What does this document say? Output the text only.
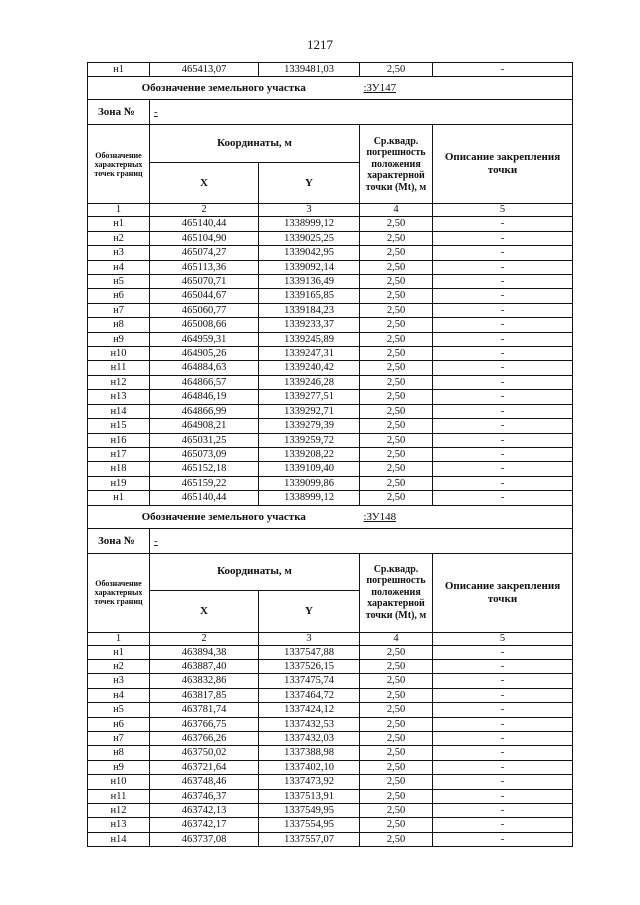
1217
н1	465413,07	1339481,03	2,50	-
Обозначение земельного участка			:ЗУ147	
Зона №	-			
Обозначение характерных точек границ	Координаты, м		Ср.квадр. погрешность положения характерной точки (Mt), м	Описание закрепления точки
	X	Y		
1	2	3	4	5
н1	465140,44	1338999,12	2,50	-
н2	465104,90	1339025,25	2,50	-
н3	465074,27	1339042,95	2,50	-
н4	465113,36	1339092,14	2,50	-
н5	465070,71	1339136,49	2,50	-
н6	465044,67	1339165,85	2,50	-
н7	465060,77	1339184,23	2,50	-
н8	465008,66	1339233,37	2,50	-
н9	464959,31	1339245,89	2,50	-
н10	464905,26	1339247,31	2,50	-
н11	464884,63	1339240,42	2,50	-
н12	464866,57	1339246,28	2,50	-
н13	464846,19	1339277,51	2,50	-
н14	464866,99	1339292,71	2,50	-
н15	464908,21	1339279,39	2,50	-
н16	465031,25	1339259,72	2,50	-
н17	465073,09	1339208,22	2,50	-
н18	465152,18	1339109,40	2,50	-
н19	465159,22	1339099,86	2,50	-
н1	465140,44	1338999,12	2,50	-
Обозначение земельного участка			:ЗУ148	
Зона №	-			
Обозначение характерных точек границ	Координаты, м		Ср.квадр. погрешность положения характерной точки (Mt), м	Описание закрепления точки
	X	Y		
1	2	3	4	5
н1	463894,38	1337547,88	2,50	-
н2	463887,40	1337526,15	2,50	-
н3	463832,86	1337475,74	2,50	-
н4	463817,85	1337464,72	2,50	-
н5	463781,74	1337424,12	2,50	-
н6	463766,75	1337432,53	2,50	-
н7	463766,26	1337432,03	2,50	-
н8	463750,02	1337388,98	2,50	-
н9	463721,64	1337402,10	2,50	-
н10	463748,46	1337473,92	2,50	-
н11	463746,37	1337513,91	2,50	-
н12	463742,13	1337549,95	2,50	-
н13	463742,17	1337554,95	2,50	-
н14	463737,08	1337557,07	2,50	-
